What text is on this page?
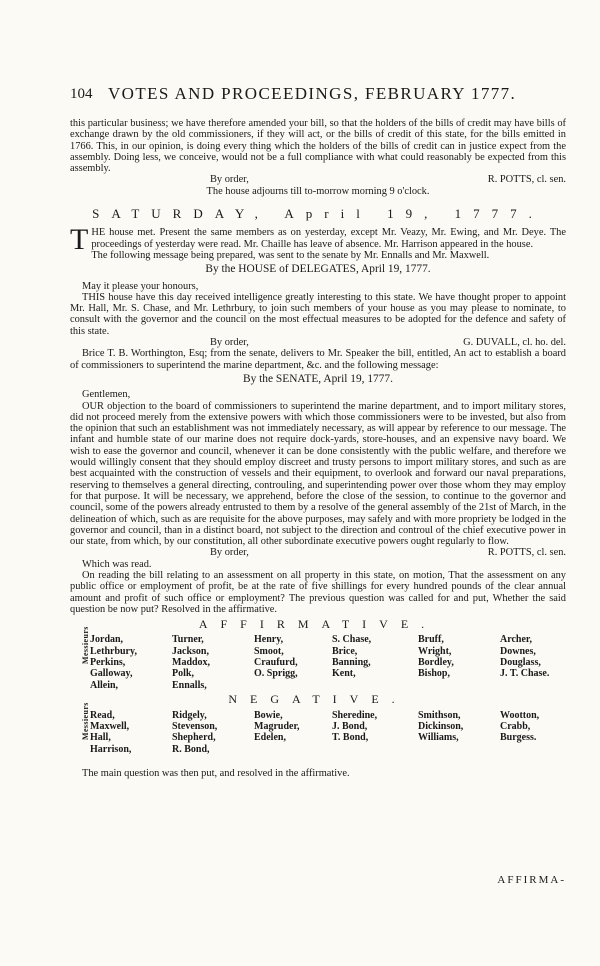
104 VOTES AND PROCEEDINGS, FEBRUARY 1777.

this particular business; we have therefore amended your bill, so that the holders of the bills of credit may have bills of exchange drawn by the old commissioners, if they will act, or the bills of credit of this state, for the bills emitted in 1766. This, in our opinion, is doing every thing which the holders of the bills of credit can in justice expect from the assembly. Doing less, we conceive, would not be a full compliance with what could reasonably be expected from this assembly.

By order,	R. POTTS, cl. sen.

The house adjourns till to-morrow morning 9 o'clock.

SATURDAY, April 19, 1777.
T HE house met. Present the same members as on yesterday, except Mr. Veazy, Mr. Ewing, and Mr. Deye. The proceedings of yesterday were read. Mr. Chaille has leave of absence. Mr. Harrison appeared in the house.

The following message being prepared, was sent to the senate by Mr. Ennalls and Mr. Maxwell.

By the HOUSE of DELEGATES, April 19, 1777.

May it please your honours,

THIS house have this day received intelligence greatly interesting to this state. We have thought proper to appoint Mr. Hall, Mr. S. Chase, and Mr. Lethrbury, to join such members of your house as you may please to nominate, to consult with the governor and the council on the most effectual measures to be adopted for the defence and safety of this state.

By order,	G. DUVALL, cl. ho. del.

Brice T. B. Worthington, Esq; from the senate, delivers to Mr. Speaker the bill, entitled, An act to establish a board of commissioners to superintend the marine department, &c. and the following message:

By the SENATE, April 19, 1777.

Gentlemen,

OUR objection to the board of commissioners to superintend the marine department, and to import military stores, did not proceed merely from the extensive powers with which those commissioners were to be invested, but also from the opinion that such an establishment was not immediately necessary, as will appear by reference to our message. The infant and humble state of our marine does not require dock-yards, store-houses, and an expensive navy board. We wish to ease the governor and council, whenever it can be done consistently with the public welfare, and therefore we would willingly consent that they should employ discreet and trusty persons to import military stores, and such as are best acquainted with the construction of vessels and their equipment, to overlook and forward our naval preparations, reserving to themselves a general directing, controuling, and superintending power over those whom they may employ for that purpose. It will be necessary, we apprehend, before the close of the session, to continue to the governor and council, some of the powers already entrusted to them by a resolve of the general assembly of the 21st of March, in the delineation of which, such as are requisite for the above purposes, may safely and with more propriety be lodged in the governor and council, than in a distinct board, not subject to the direction and controul of the chief executive power in our state, from which, by our constitution, all other subordinate executive powers ought regularly to flow.

By order,	R. POTTS, cl. sen.

Which was read.

On reading the bill relating to an assessment on all property in this state, on motion, That the assessment on any public office or employment of profit, be at the rate of five shillings for every hundred pounds of the clear annual amount and profit of such office or employment? The previous question was called for and put, Whether the said question be now put? Resolved in the affirmative.

AFFIRMATIVE.
Messieurs Jordan,	Turner,	Henry,	S. Chase,	Bruff,	Archer,
Lethrbury,	Jackson,	Smoot,	Brice,	Wright,	Downes,
Perkins,	Maddox,	Craufurd,	Banning,	Bordley,	Douglass,
Galloway,	Polk,	O. Sprigg,	Kent,	Bishop,	J. T. Chase.
Allein,	Ennalls,
NEGATIVE.
Messieurs Read,	Ridgely,	Bowie,	Sheredine,	Smithson,	Wootton,
Maxwell,	Stevenson,	Magruder,	J. Bond,	Dickinson,	Crabb,
Hall,	Shepherd,	Edelen,	T. Bond,	Williams,	Burgess.
Harrison,	R. Bond,

The main question was then put, and resolved in the affirmative.

AFFIRMA-
